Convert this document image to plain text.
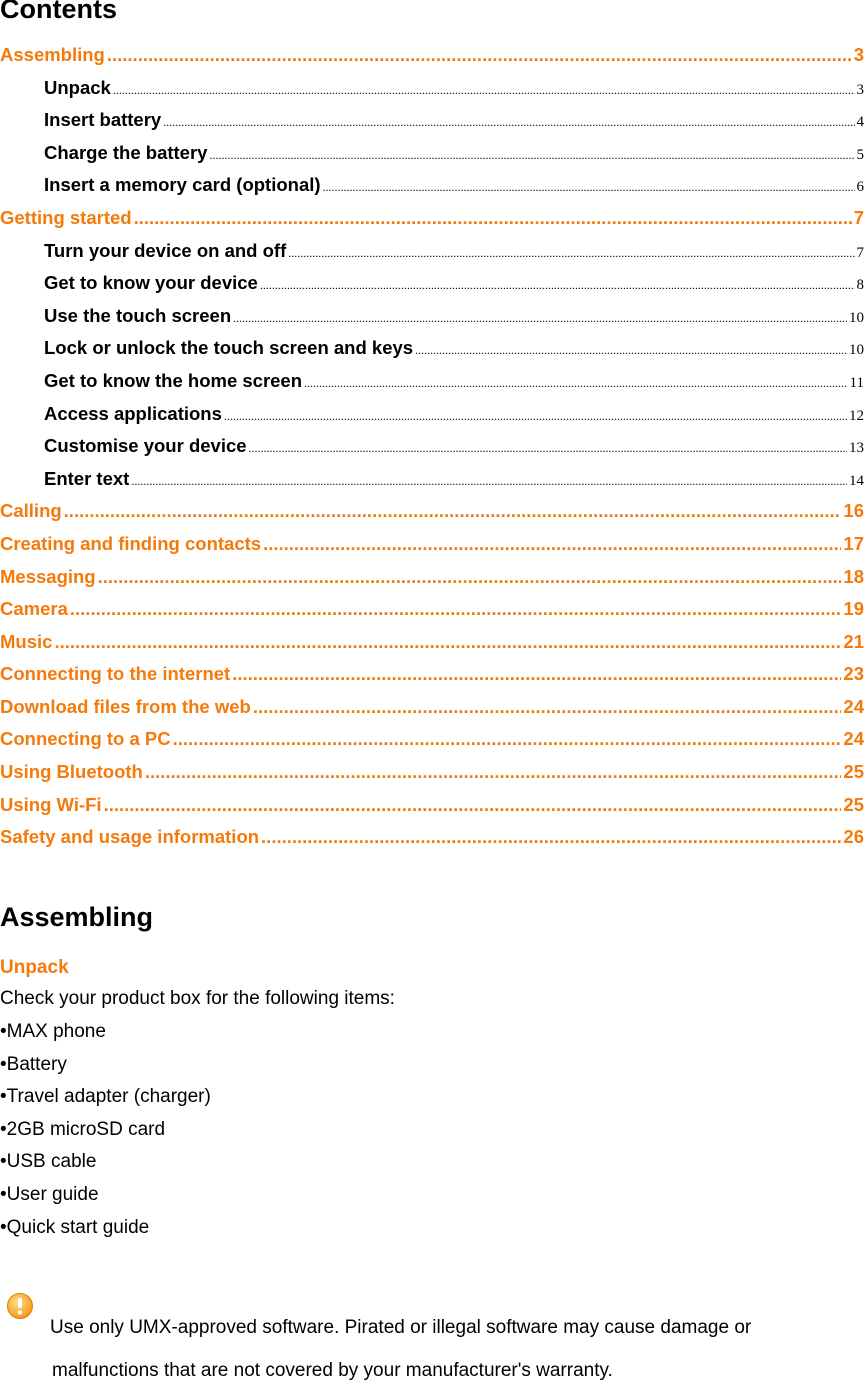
Contents
Assembling .....	3
Unpack .....	3
Insert battery .....	4
Charge the battery .....	5
Insert a memory card (optional) .....	6
Getting started .....	7
Turn your device on and off .....	7
Get to know your device .....	8
Use the touch screen .....	10
Lock or unlock the touch screen and keys .....	10
Get to know the home screen .....	11
Access applications .....	12
Customise your device .....	13
Enter text .....	14
Calling .....	16
Creating and finding contacts .....	17
Messaging .....	18
Camera .....	19
Music .....	21
Connecting to the internet .....	23
Download files from the web .....	24
Connecting to a PC .....	24
Using Bluetooth .....	25
Using Wi-Fi .....	25
Safety and usage information .....	26
Assembling
Unpack

Check your product box for the following items:

• MAX phone
• Battery
• Travel adapter (charger)
• 2GB microSD card
• USB cable
• User guide
• Quick start guide

Use only UMX-approved software. Pirated or illegal software may cause damage or
malfunctions that are not covered by your manufacturer's warranty.
